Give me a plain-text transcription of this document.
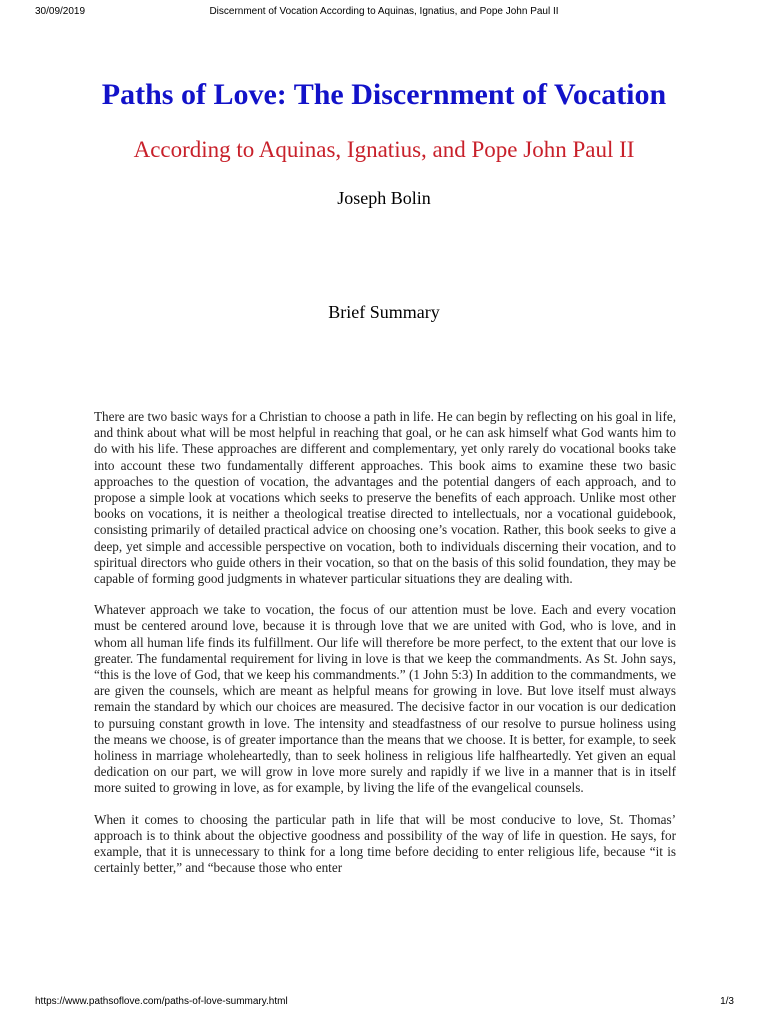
30/09/2019	Discernment of Vocation According to Aquinas, Ignatius, and Pope John Paul II
Paths of Love: The Discernment of Vocation
According to Aquinas, Ignatius, and Pope John Paul II
Joseph Bolin
Brief Summary

There are two basic ways for a Christian to choose a path in life. He can begin by reflecting on his goal in life, and think about what will be most helpful in reaching that goal, or he can ask himself what God wants him to do with his life. These approaches are different and complementary, yet only rarely do vocational books take into account these two fundamentally different approaches. This book aims to examine these two basic approaches to the question of vocation, the advantages and the potential dangers of each approach, and to propose a simple look at vocations which seeks to preserve the benefits of each approach. Unlike most other books on vocations, it is neither a theological treatise directed to intellectuals, nor a vocational guidebook, consisting primarily of detailed practical advice on choosing one’s vocation. Rather, this book seeks to give a deep, yet simple and accessible perspective on vocation, both to individuals discerning their vocation, and to spiritual directors who guide others in their vocation, so that on the basis of this solid foundation, they may be capable of forming good judgments in whatever particular situations they are dealing with.

Whatever approach we take to vocation, the focus of our attention must be love. Each and every vocation must be centered around love, because it is through love that we are united with God, who is love, and in whom all human life finds its fulfillment. Our life will therefore be more perfect, to the extent that our love is greater. The fundamental requirement for living in love is that we keep the commandments. As St. John says, “this is the love of God, that we keep his commandments.” (1 John 5:3) In addition to the commandments, we are given the counsels, which are meant as helpful means for growing in love. But love itself must always remain the standard by which our choices are measured. The decisive factor in our vocation is our dedication to pursuing constant growth in love. The intensity and steadfastness of our resolve to pursue holiness using the means we choose, is of greater importance than the means that we choose. It is better, for example, to seek holiness in marriage wholeheartedly, than to seek holiness in religious life halfheartedly. Yet given an equal dedication on our part, we will grow in love more surely and rapidly if we live in a manner that is in itself more suited to growing in love, as for example, by living the life of the evangelical counsels.

When it comes to choosing the particular path in life that will be most conducive to love, St. Thomas’ approach is to think about the objective goodness and possibility of the way of life in question. He says, for example, that it is unnecessary to think for a long time before deciding to enter religious life, because “it is certainly better,” and “because those who enter

https://www.pathsoflove.com/paths-of-love-summary.html	1/3
